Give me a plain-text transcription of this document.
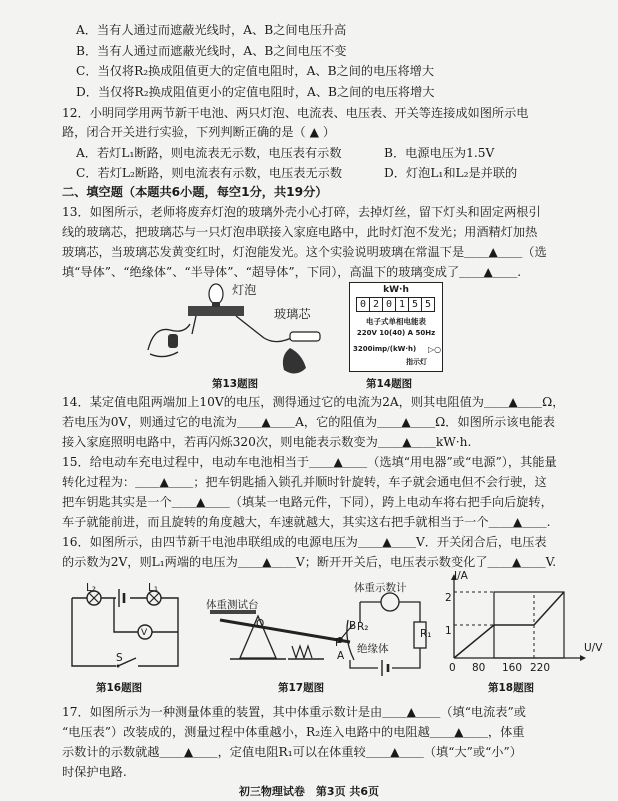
A．当有人通过而遮蔽光线时，A、B之间电压升高
B．当有人通过而遮蔽光线时，A、B之间电压不变
C．当仅将R₂换成阻值更大的定值电阻时，A、B之间的电压将增大
D．当仅将R₂换成阻值更小的定值电阻时，A、B之间的电压将增大
12．小明同学用两节新干电池、两只灯泡、电流表、电压表、开关等连接成如图所示电
路，闭合开关进行实验，下列判断正确的是（ ▲ ）
A．若灯L₁断路，则电流表无示数，电压表有示数	B．电源电压为1.5V
C．若灯L₂断路，则电流表有示数，电压表无示数	D．灯泡L₁和L₂是并联的
二、填空题（本题共6小题，每空1分，共19分）
13．如图所示，老师将废弃灯泡的玻璃外壳小心打碎，去掉灯丝，留下灯头和固定两根引
线的玻璃芯，把玻璃芯与一只灯泡串联接入家庭电路中，此时灯泡不发光；用酒精灯加热
玻璃芯，当玻璃芯发黄变红时，灯泡能发光。这个实验说明玻璃在常温下是＿＿▲＿＿（选
填“导体”、“绝缘体”、“半导体”、“超导体”，下同），高温下的玻璃变成了＿＿▲＿＿.
灯泡
玻璃芯
第13题图
kW·h
0 2 0 1 5 5
电子式单相电能表
220V 10(40) A 50Hz
3200imp/(kW·h) ▷○
指示灯
第14题图
14．某定值电阻两端加上10V的电压，测得通过它的电流为2A，则其电阻值为＿＿▲＿＿Ω，
若电压为0V，则通过它的电流为＿＿▲＿＿A，它的阻值为＿＿▲＿＿Ω．如图所示该电能表
接入家庭照明电路中，若再闪烁320次，则电能表示数变为＿＿▲＿＿kW·h.
15．给电动车充电过程中，电动车电池相当于＿＿▲＿＿（选填“用电器”或“电源”），其能量
转化过程为：＿＿▲＿＿；把车钥匙插入锁孔并顺时针旋转，车子就会通电但不会行驶，这
把车钥匙其实是一个＿＿▲＿＿（填某一电路元件，下同），跨上电动车将右把手向后旋转，
车子就能前进，而且旋转的角度越大，车速就越大，其实这右把手就相当于一个＿＿▲＿＿.
16．如图所示，由四节新干电池串联组成的电源电压为＿＿▲＿＿V．开关闭合后，电压表
的示数为2V，则L₁两端的电压为＿＿▲＿＿V；断开开关后，电压表示数变化了＿＿▲＿＿V.
L₂	L₁
V
S
第16题图
体重测试台
体重示数计
O	B
P
A
R₂
R₁
绝缘体
第17题图
I/A
U/V
2
1
0 80 160 220
第18题图
17．如图所示为一种测量体重的装置，其中体重示数计是由＿＿▲＿＿（填“电流表”或
“电压表”）改装成的，测量过程中体重越小，R₂连入电路中的电阻越＿＿▲＿＿，体重
示数计的示数就越＿＿▲＿＿，定值电阻R₁可以在体重较＿＿▲＿＿（填“大”或“小”）
时保护电路.
初三物理试卷　第3页 共6页
